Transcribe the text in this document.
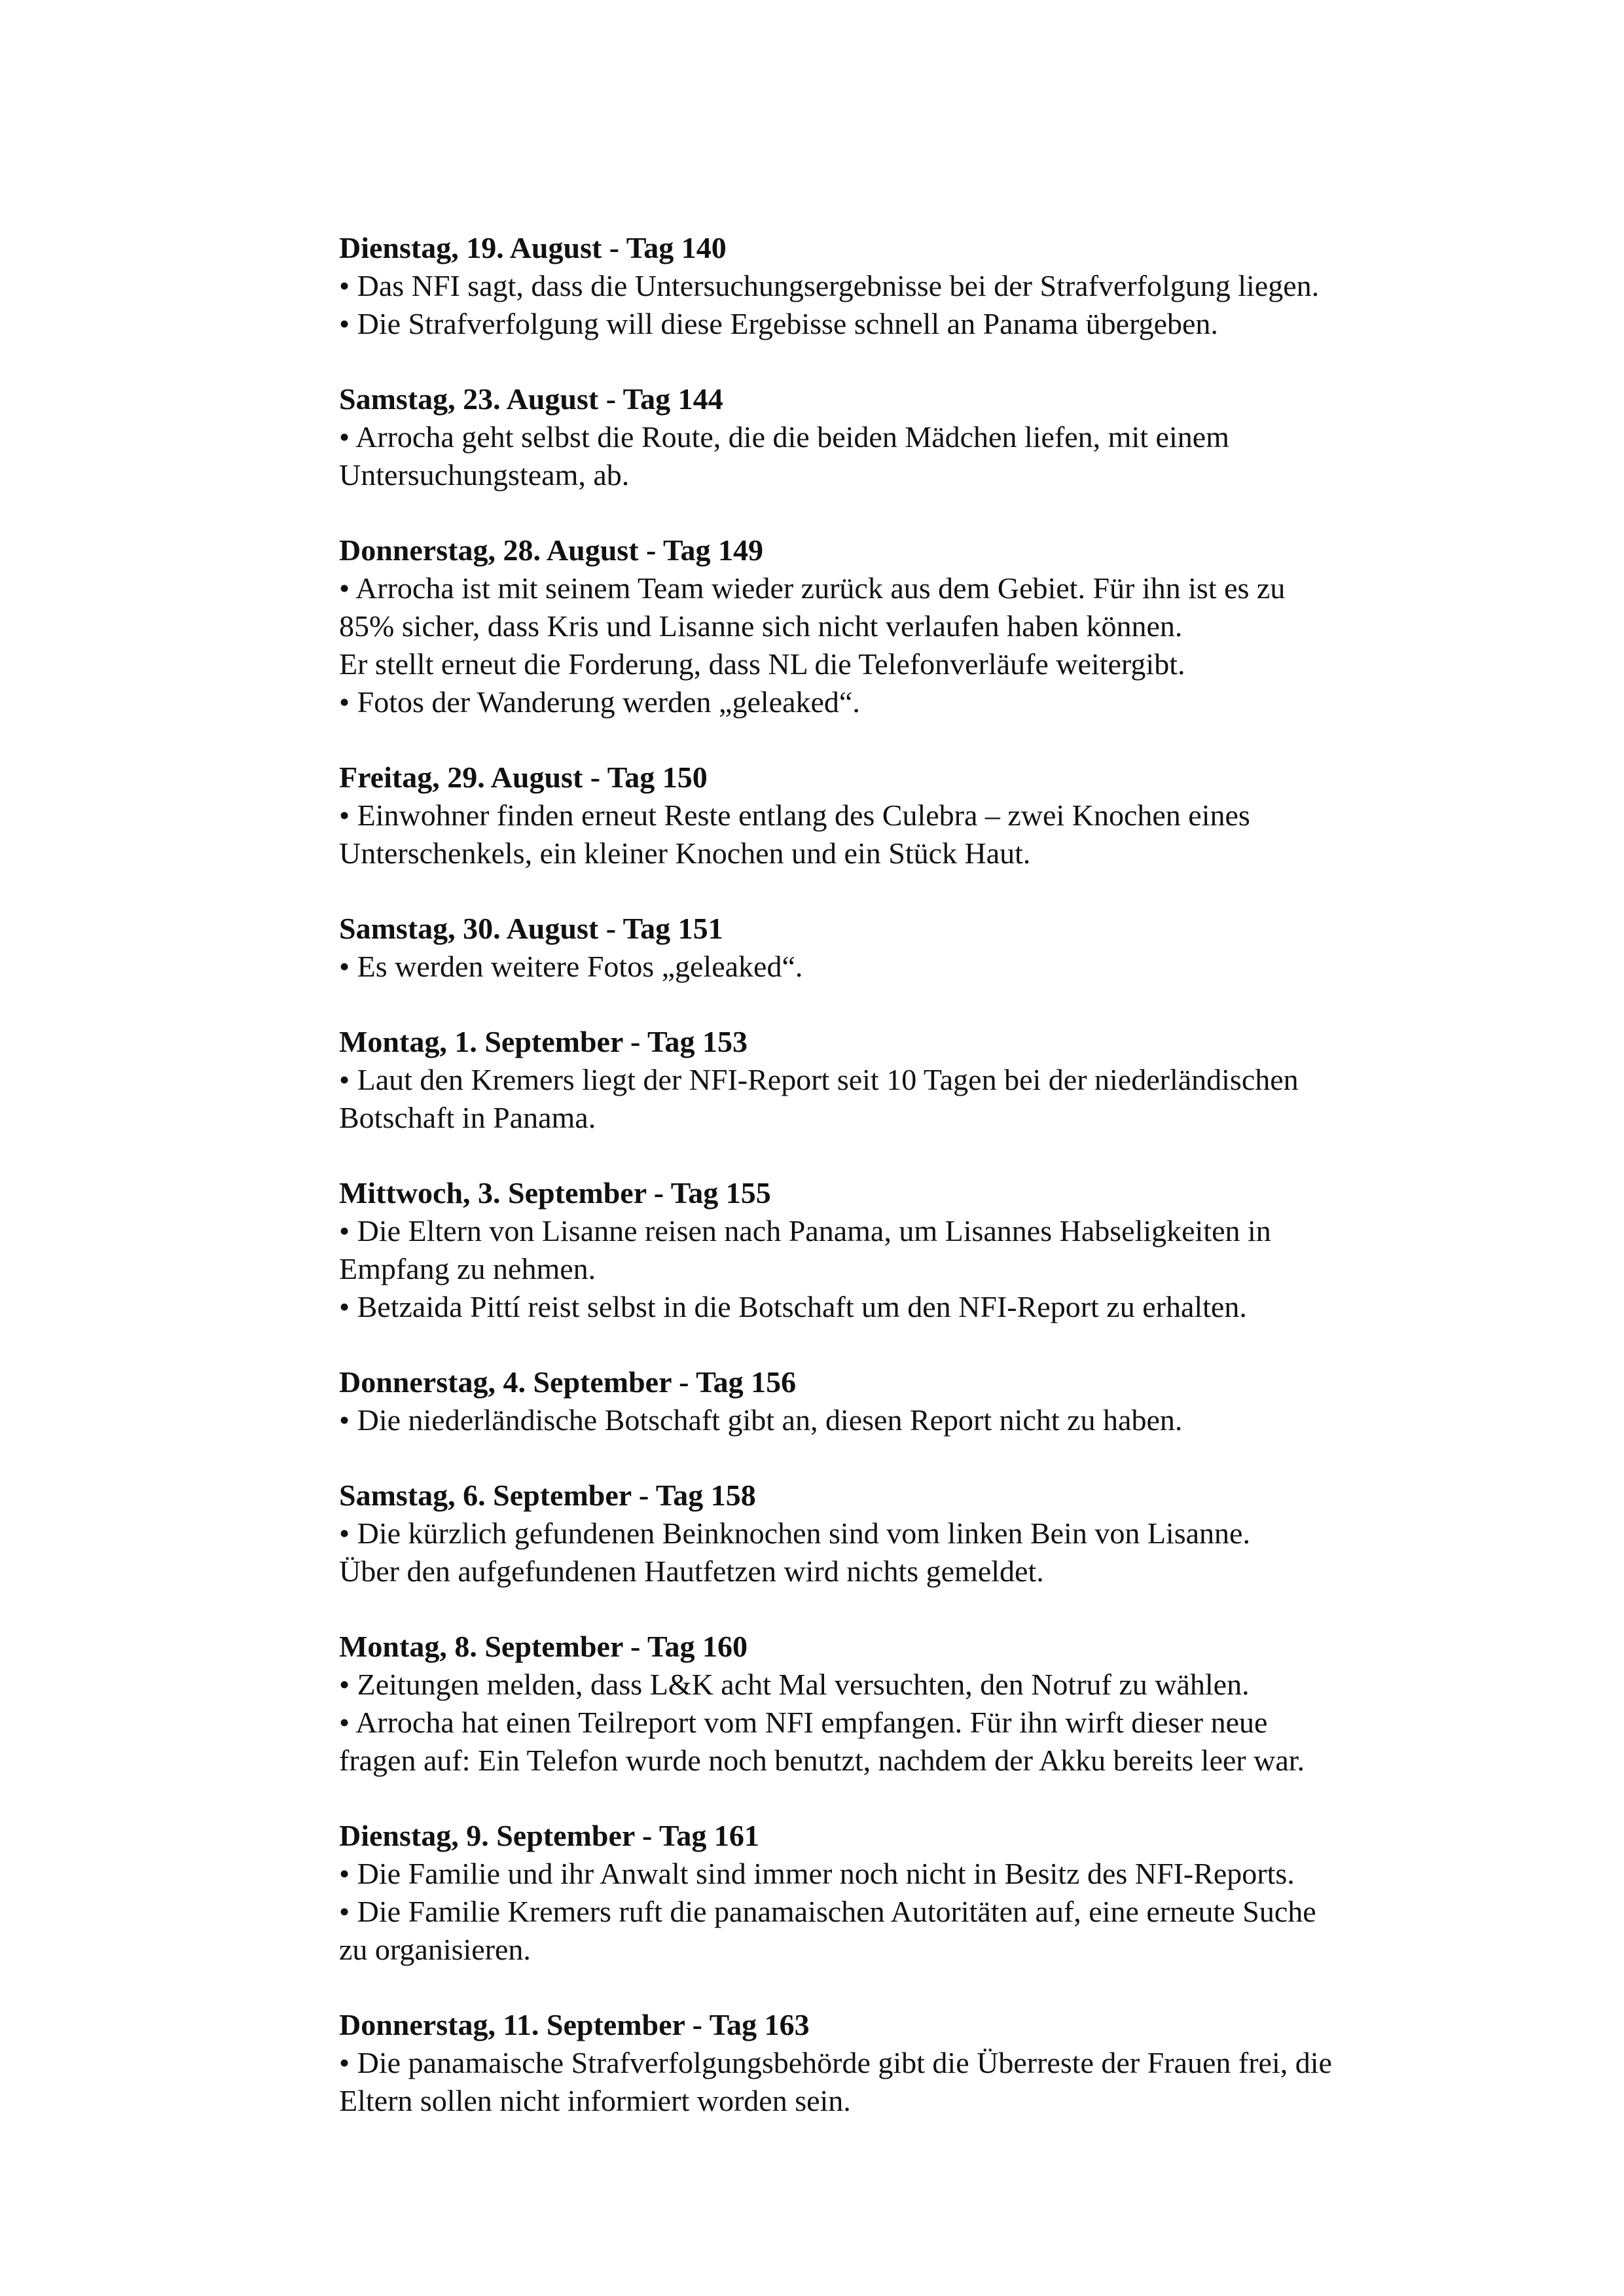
Dienstag, 19. August - Tag 140

• Das NFI sagt, dass die Untersuchungsergebnisse bei der Strafverfolgung liegen.

• Die Strafverfolgung will diese Ergebisse schnell an Panama übergeben.

Samstag, 23. August - Tag 144

• Arrocha geht selbst die Route, die die beiden Mädchen liefen, mit einem

Untersuchungsteam, ab.

Donnerstag, 28. August - Tag 149

• Arrocha ist mit seinem Team wieder zurück aus dem Gebiet. Für ihn ist es zu

85% sicher, dass Kris und Lisanne sich nicht verlaufen haben können.

Er stellt erneut die Forderung, dass NL die Telefonverläufe weitergibt.

• Fotos der Wanderung werden „geleaked“.

Freitag, 29. August - Tag 150

• Einwohner finden erneut Reste entlang des Culebra – zwei Knochen eines

Unterschenkels, ein kleiner Knochen und ein Stück Haut.

Samstag, 30. August - Tag 151

• Es werden weitere Fotos „geleaked“.

Montag, 1. September - Tag 153

• Laut den Kremers liegt der NFI-Report seit 10 Tagen bei der niederländischen

Botschaft in Panama.

Mittwoch, 3. September - Tag 155

• Die Eltern von Lisanne reisen nach Panama, um Lisannes Habseligkeiten in

Empfang zu nehmen.

• Betzaida Pittí reist selbst in die Botschaft um den NFI-Report zu erhalten.

Donnerstag, 4. September - Tag 156

• Die niederländische Botschaft gibt an, diesen Report nicht zu haben.

Samstag, 6. September - Tag 158

• Die kürzlich gefundenen Beinknochen sind vom linken Bein von Lisanne.

Über den aufgefundenen Hautfetzen wird nichts gemeldet.

Montag, 8. September - Tag 160

• Zeitungen melden, dass L&K acht Mal versuchten, den Notruf zu wählen.

• Arrocha hat einen Teilreport vom NFI empfangen. Für ihn wirft dieser neue

fragen auf: Ein Telefon wurde noch benutzt, nachdem der Akku bereits leer war.

Dienstag, 9. September - Tag 161

• Die Familie und ihr Anwalt sind immer noch nicht in Besitz des NFI-Reports.

• Die Familie Kremers ruft die panamaischen Autoritäten auf, eine erneute Suche

zu organisieren.

Donnerstag, 11. September - Tag 163

• Die panamaische Strafverfolgungsbehörde gibt die Überreste der Frauen frei, die

Eltern sollen nicht informiert worden sein.
